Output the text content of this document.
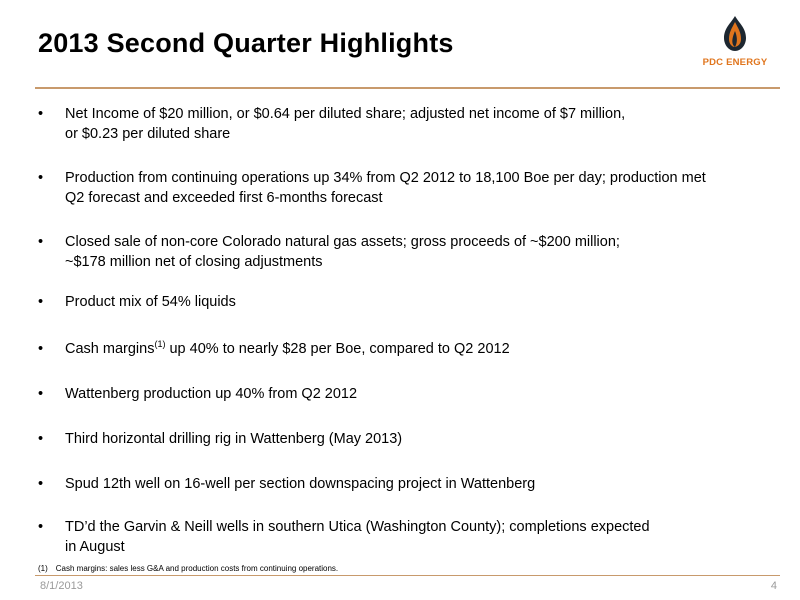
2013 Second Quarter Highlights
PDC ENERGY
•	Net Income of $20 million, or $0.64 per diluted share; adjusted net income of $7 million,
or $0.23 per diluted share
•	Production from continuing operations up 34% from Q2 2012 to 18,100 Boe per day; production met
Q2 forecast and exceeded first 6-months forecast
•	Closed sale of non-core Colorado natural gas assets; gross proceeds of ~$200 million;
~$178 million net of closing adjustments
•	Product mix of 54% liquids
•	Cash margins$^{(1)}$ up 40% to nearly $28 per Boe, compared to Q2 2012
•	Wattenberg production up 40% from Q2 2012
•	Third horizontal drilling rig in Wattenberg (May 2013)
•	Spud 12th well on 16-well per section downspacing project in Wattenberg
•	TD’d the Garvin & Neill wells in southern Utica (Washington County); completions expected
in August
(1) Cash margins: sales less G&A and production costs from continuing operations.
8/1/2013	4
